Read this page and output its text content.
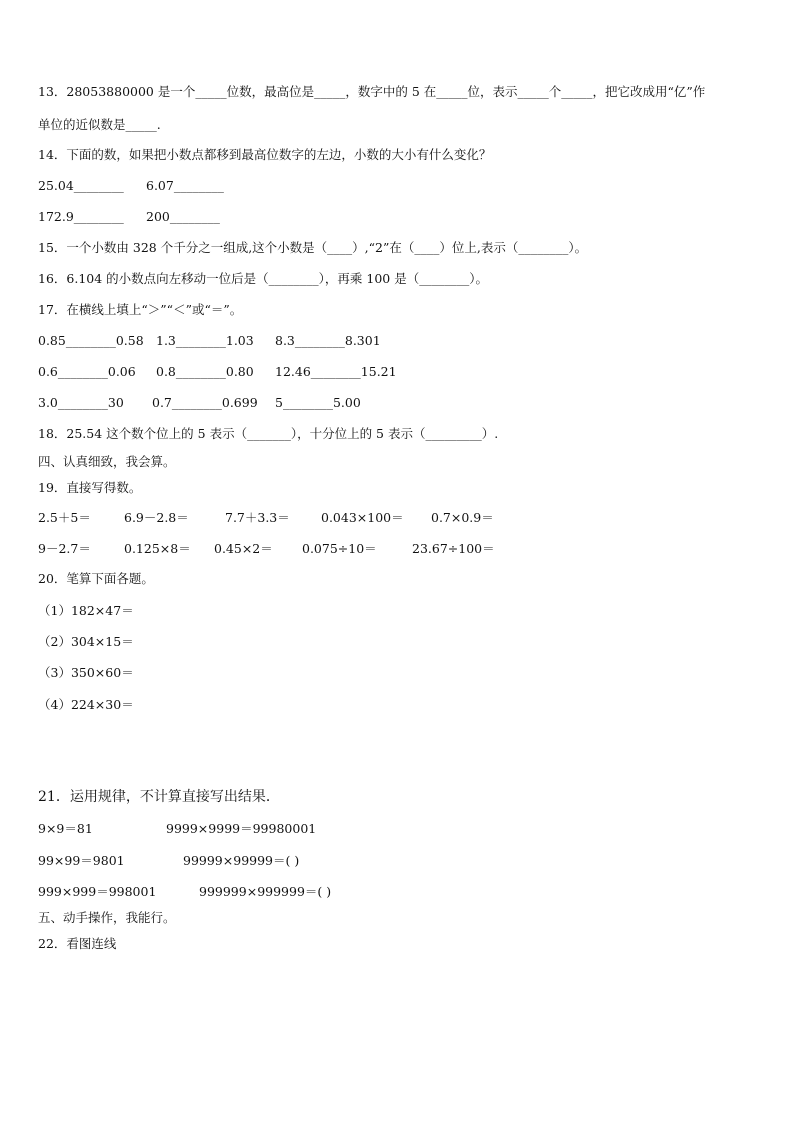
13．28053880000 是一个_____位数，最高位是_____，数字中的 5 在_____位，表示_____个_____，把它改成用“亿”作
单位的近似数是_____.
14．下面的数，如果把小数点都移到最高位数字的左边，小数的大小有什么变化？
25.04________ 6.07________
172.9________ 200________
15．一个小数由 328 个千分之一组成,这个小数是（____）,“2”在（____）位上,表示（________）。
16．6.104 的小数点向左移动一位后是（________），再乘 100 是（________）。
17．在横线上填上“＞”“＜”或“＝”。
0.85________0.58 1.3________1.03 8.3________8.301
0.6________0.06 0.8________0.80 12.46________15.21
3.0________30 0.7________0.699 5________5.00
18．25.54 这个数个位上的 5 表示（_______），十分位上的 5 表示（_________）.
四、认真细致，我会算。
19．直接写得数。
2.5＋5＝	6.9－2.8＝	7.7＋3.3＝ 0.043×100＝ 0.7×0.9＝
9－2.7＝	0.125×8＝ 0.45×2＝ 0.075÷10＝	23.67÷100＝
20．笔算下面各题。
（1）182×47＝
（2）304×15＝
（3）350×60＝
（4）224×30＝
21．运用规律，不计算直接写出结果．
9×9＝81	9999×9999＝99980001
99×99＝9801	99999×99999＝( )
999×999＝998001	999999×999999＝( )
五、动手操作，我能行。
22．看图连线
